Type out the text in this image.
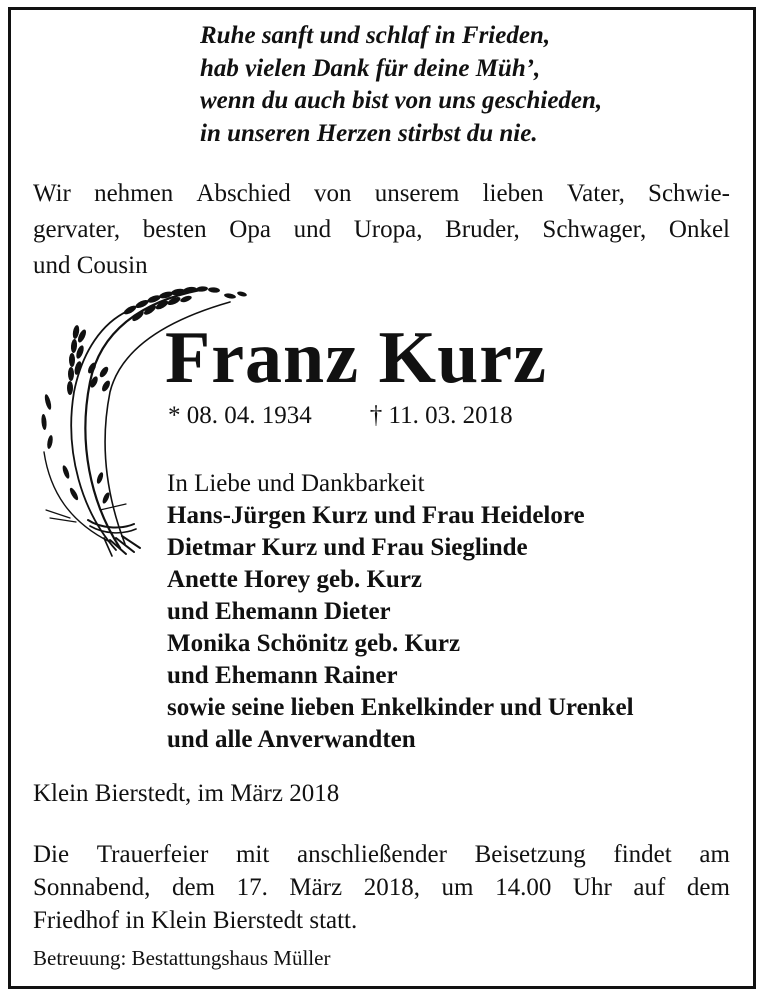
Ruhe sanft und schlaf in Frieden,
hab vielen Dank für deine Müh’,
wenn du auch bist von uns geschieden,
in unseren Herzen stirbst du nie.
Wir nehmen Abschied von unserem lieben Vater, Schwie-
gervater, besten Opa und Uropa, Bruder, Schwager, Onkel
und Cousin
Franz Kurz
* 08. 04. 1934 † 11. 03. 2018
In Liebe und Dankbarkeit
Hans-Jürgen Kurz und Frau Heidelore
Dietmar Kurz und Frau Sieglinde
Anette Horey geb. Kurz
und Ehemann Dieter
Monika Schönitz geb. Kurz
und Ehemann Rainer
sowie seine lieben Enkelkinder und Urenkel
und alle Anverwandten
Klein Bierstedt, im März 2018
Die Trauerfeier mit anschließender Beisetzung findet am
Sonnabend, dem 17. März 2018, um 14.00 Uhr auf dem
Friedhof in Klein Bierstedt statt.
Betreuung: Bestattungshaus Müller
